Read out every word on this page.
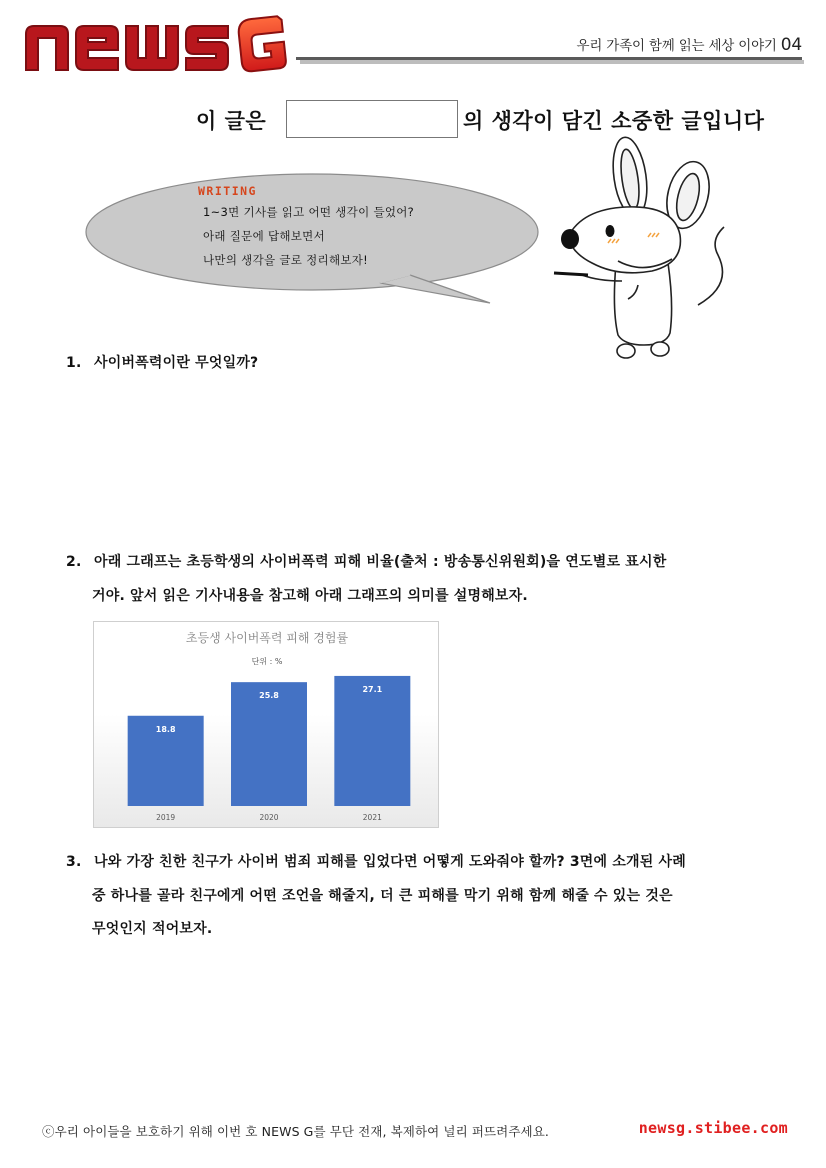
우리 가족이 함께 읽는 세상 이야기 04
이 글은	의 생각이 담긴 소중한 글입니다
WRITING
1~3면 기사를 읽고 어떤 생각이 들었어?
아래 질문에 답해보면서
나만의 생각을 글로 정리해보자!
1. 사이버폭력이란 무엇일까?
2. 아래 그래프는 초등학생의 사이버폭력 피해 비율(출처 : 방송통신위원회)을 연도별로 표시한
거야. 앞서 읽은 기사내용을 참고해 아래 그래프의 의미를 설명해보자.
초등생 사이버폭력 피해 경험률
단위 : %
18.8
2019
25.8
2020
27.1
2021
3. 나와 가장 친한 친구가 사이버 범죄 피해를 입었다면 어떻게 도와줘야 할까? 3면에 소개된 사례
중 하나를 골라 친구에게 어떤 조언을 해줄지, 더 큰 피해를 막기 위해 함께 해줄 수 있는 것은
무엇인지 적어보자.
ⓒ우리 아이들을 보호하기 위해 이번 호 NEWS G를 무단 전재, 복제하여 널리 퍼뜨려주세요.	newsg.stibee.com
